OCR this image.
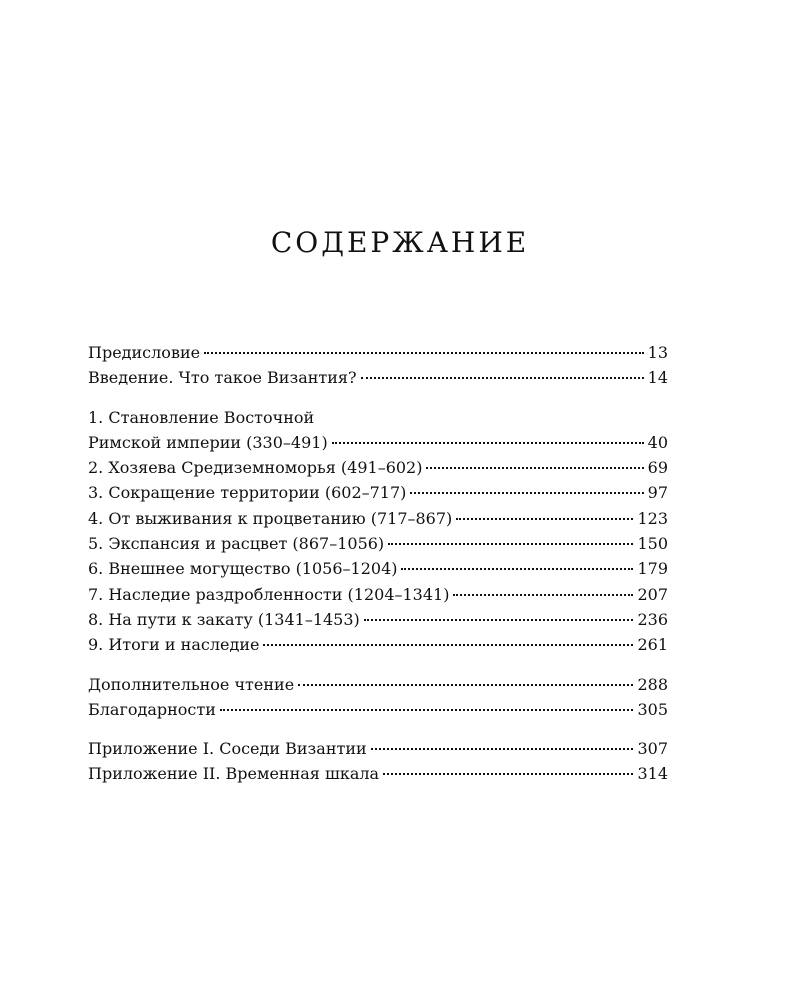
СОДЕРЖАНИЕ
Предисловие	13
Введение. Что такое Византия?	14
1. Становление Восточной
Римской империи (330–491)	40
2. Хозяева Средиземноморья (491–602)	69
3. Сокращение территории (602–717)	97
4. От выживания к процветанию (717–867)	123
5. Экспансия и расцвет (867–1056)	150
6. Внешнее могущество (1056–1204)	179
7. Наследие раздробленности (1204–1341)	207
8. На пути к закату (1341–1453)	236
9. Итоги и наследие	261
Дополнительное чтение	288
Благодарности	305
Приложение I. Соседи Византии	307
Приложение II. Временная шкала	314
